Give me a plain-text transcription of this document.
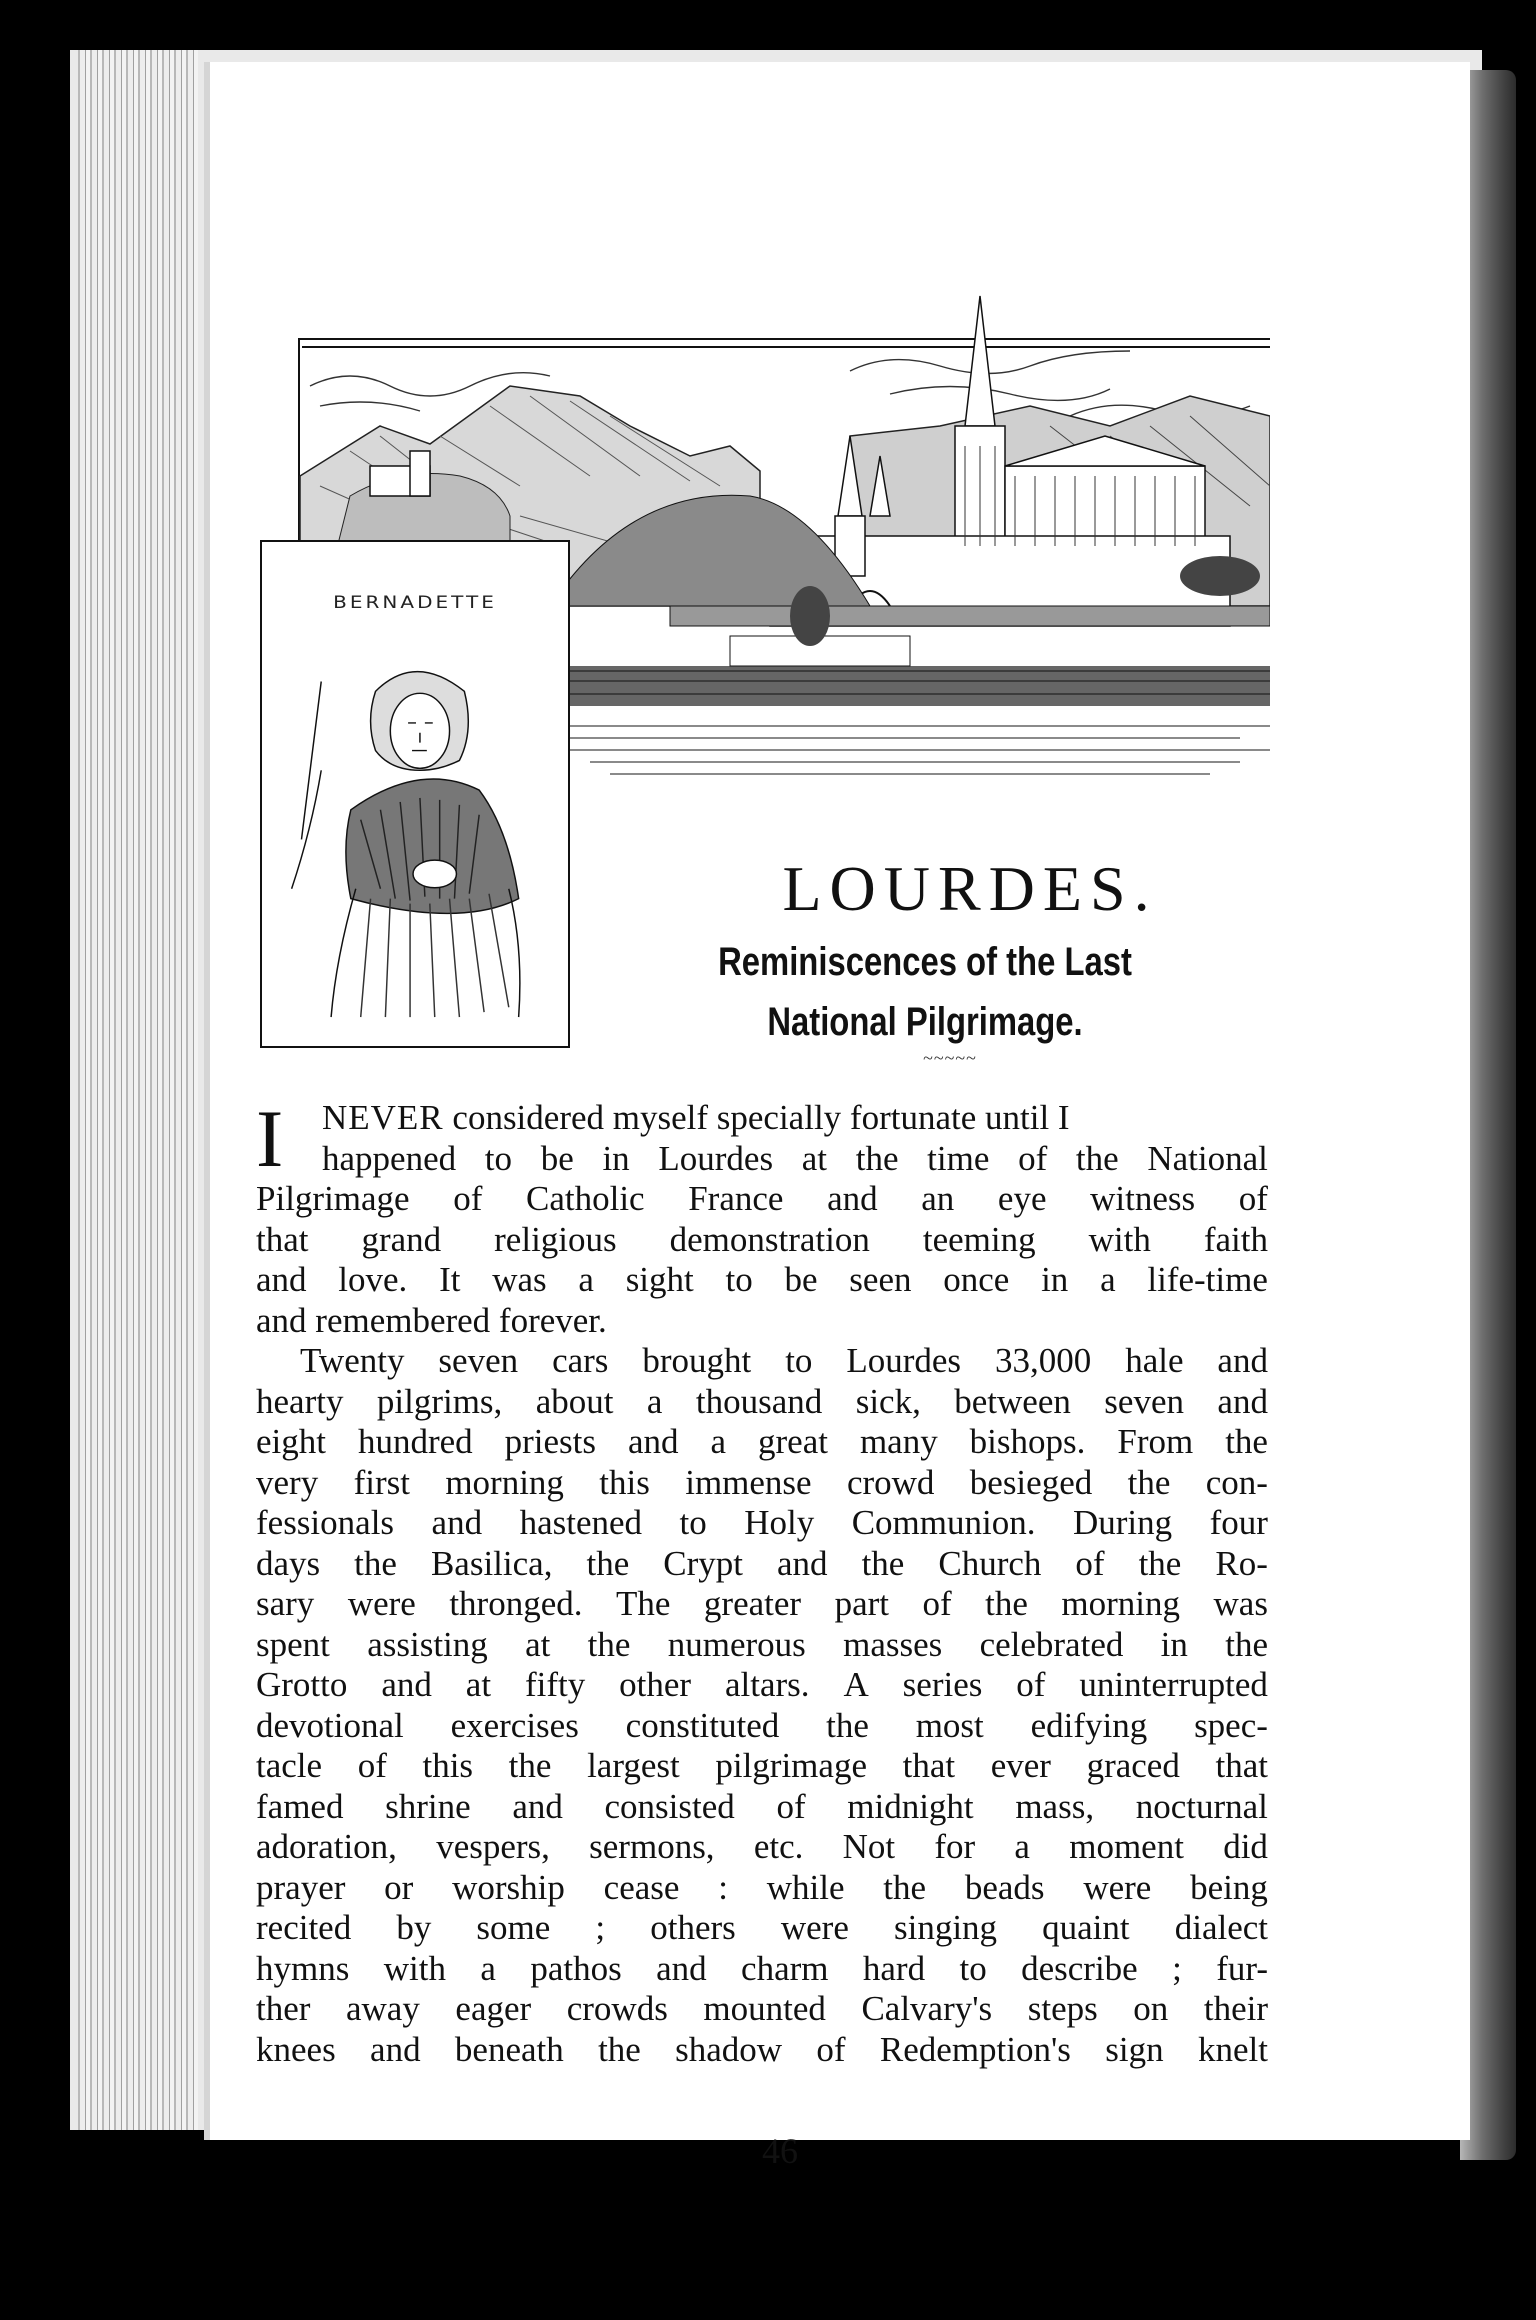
BERNADETTE
LOURDES.
Reminiscences of the Last
National Pilgrimage.
~~~~~
I NEVER
considered myself specially fortunate until I
happened to be in Lourdes at the time of the National
Pilgrimage of Catholic France and an eye witness of
that grand religious demonstration teeming with faith
and love. It was a sight to be seen once in a life-time
and remembered forever.
Twenty seven cars brought to Lourdes 33,000 hale and
hearty pilgrims, about a thousand sick, between seven and
eight hundred priests and a great many bishops. From the
very first morning this immense crowd besieged the con-
fessionals and hastened to Holy Communion. During four
days the Basilica, the Crypt and the Church of the Ro-
sary were thronged. The greater part of the morning was
spent assisting at the numerous masses celebrated in the
Grotto and at fifty other altars. A series of uninterrupted
devotional exercises constituted the most edifying spec-
tacle of this the largest pilgrimage that ever graced that
famed shrine and consisted of midnight mass, nocturnal
adoration, vespers, sermons, etc. Not for a moment did
prayer or worship cease : while the beads were being
recited by some ; others were singing quaint dialect
hymns with a pathos and charm hard to describe ; fur-
ther away eager crowds mounted Calvary's steps on their
knees and beneath the shadow of Redemption's sign knelt
46
